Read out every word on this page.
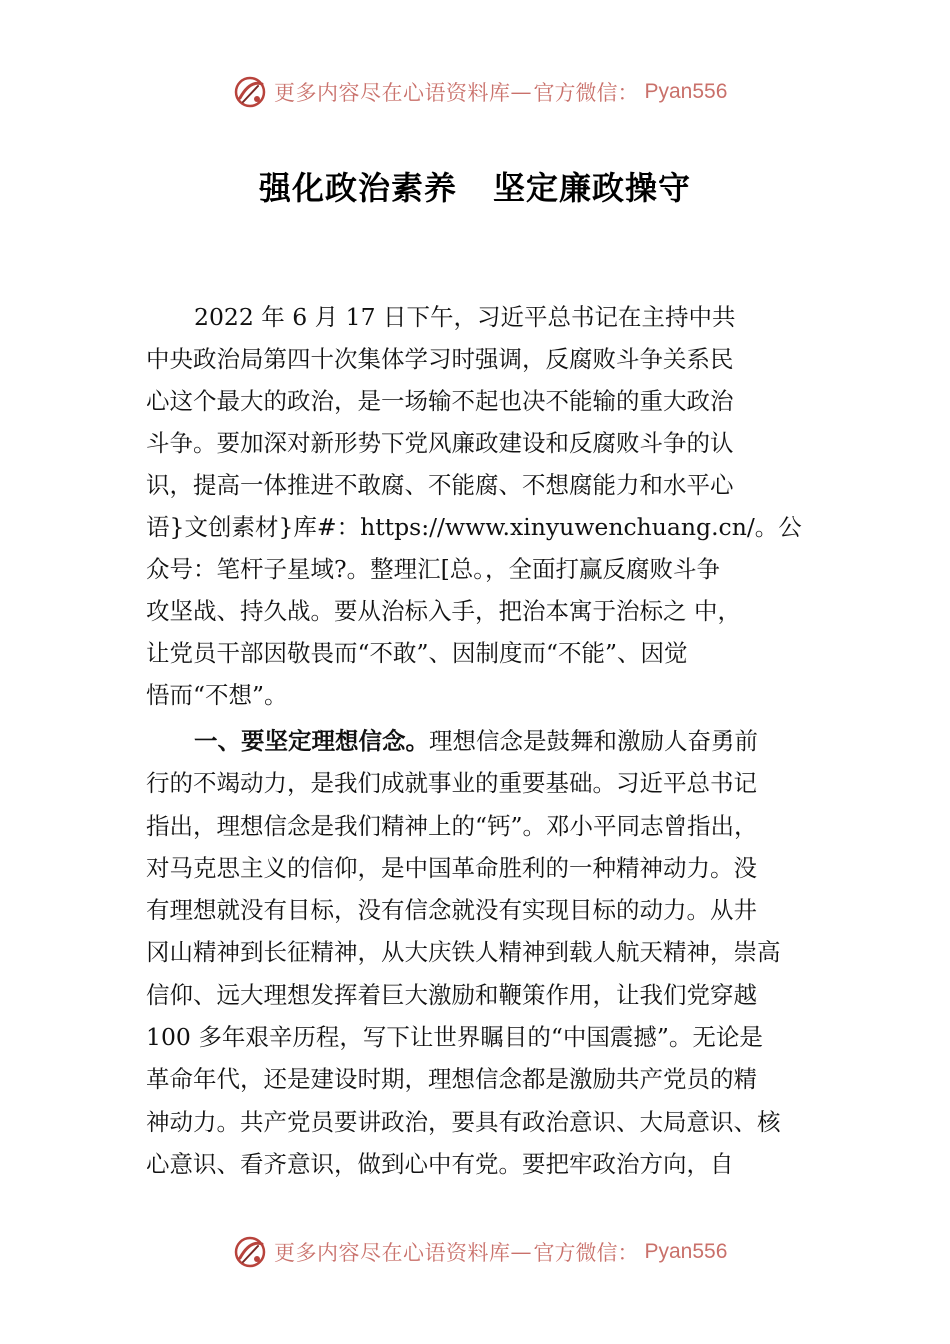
更多内容尽在心语资料库 — 官方微信： Pyan556
强化政治素养 坚定廉政操守
2022 年 6 月 17 日下午，习近平总书记在主持中共
中央政治局第四十次集体学习时强调，反腐败斗争关系民
心这个最大的政治，是一场输不起也决不能输的重大政治
斗争。要加深对新形势下党风廉政建设和反腐败斗争的认
识，提高一体推进不敢腐、不能腐、不想腐能力和水平心
语}文创素材}库#：https://www.xinyuwenchuang.cn/。公
众号：笔杆子星域?。整理汇[总。，全面打赢反腐败斗争
攻坚战、持久战。要从治标入手，把治本寓于治标之 中，
让党员干部因敬畏而“不敢”、因制度而“不能”、因觉
悟而“不想”。
一、要坚定理想信念。理想信念是鼓舞和激励人奋勇前
行的不竭动力，是我们成就事业的重要基础。习近平总书记
指出，理想信念是我们精神上的“钙”。邓小平同志曾指出，
对马克思主义的信仰，是中国革命胜利的一种精神动力。没
有理想就没有目标，没有信念就没有实现目标的动力。从井
冈山精神到长征精神，从大庆铁人精神到载人航天精神，崇高
信仰、远大理想发挥着巨大激励和鞭策作用，让我们党穿越
100 多年艰辛历程，写下让世界瞩目的“中国震撼”。无论是
革命年代，还是建设时期，理想信念都是激励共产党员的精
神动力。共产党员要讲政治，要具有政治意识、大局意识、核
心意识、看齐意识，做到心中有党。要把牢政治方向，自
更多内容尽在心语资料库 — 官方微信： Pyan556
